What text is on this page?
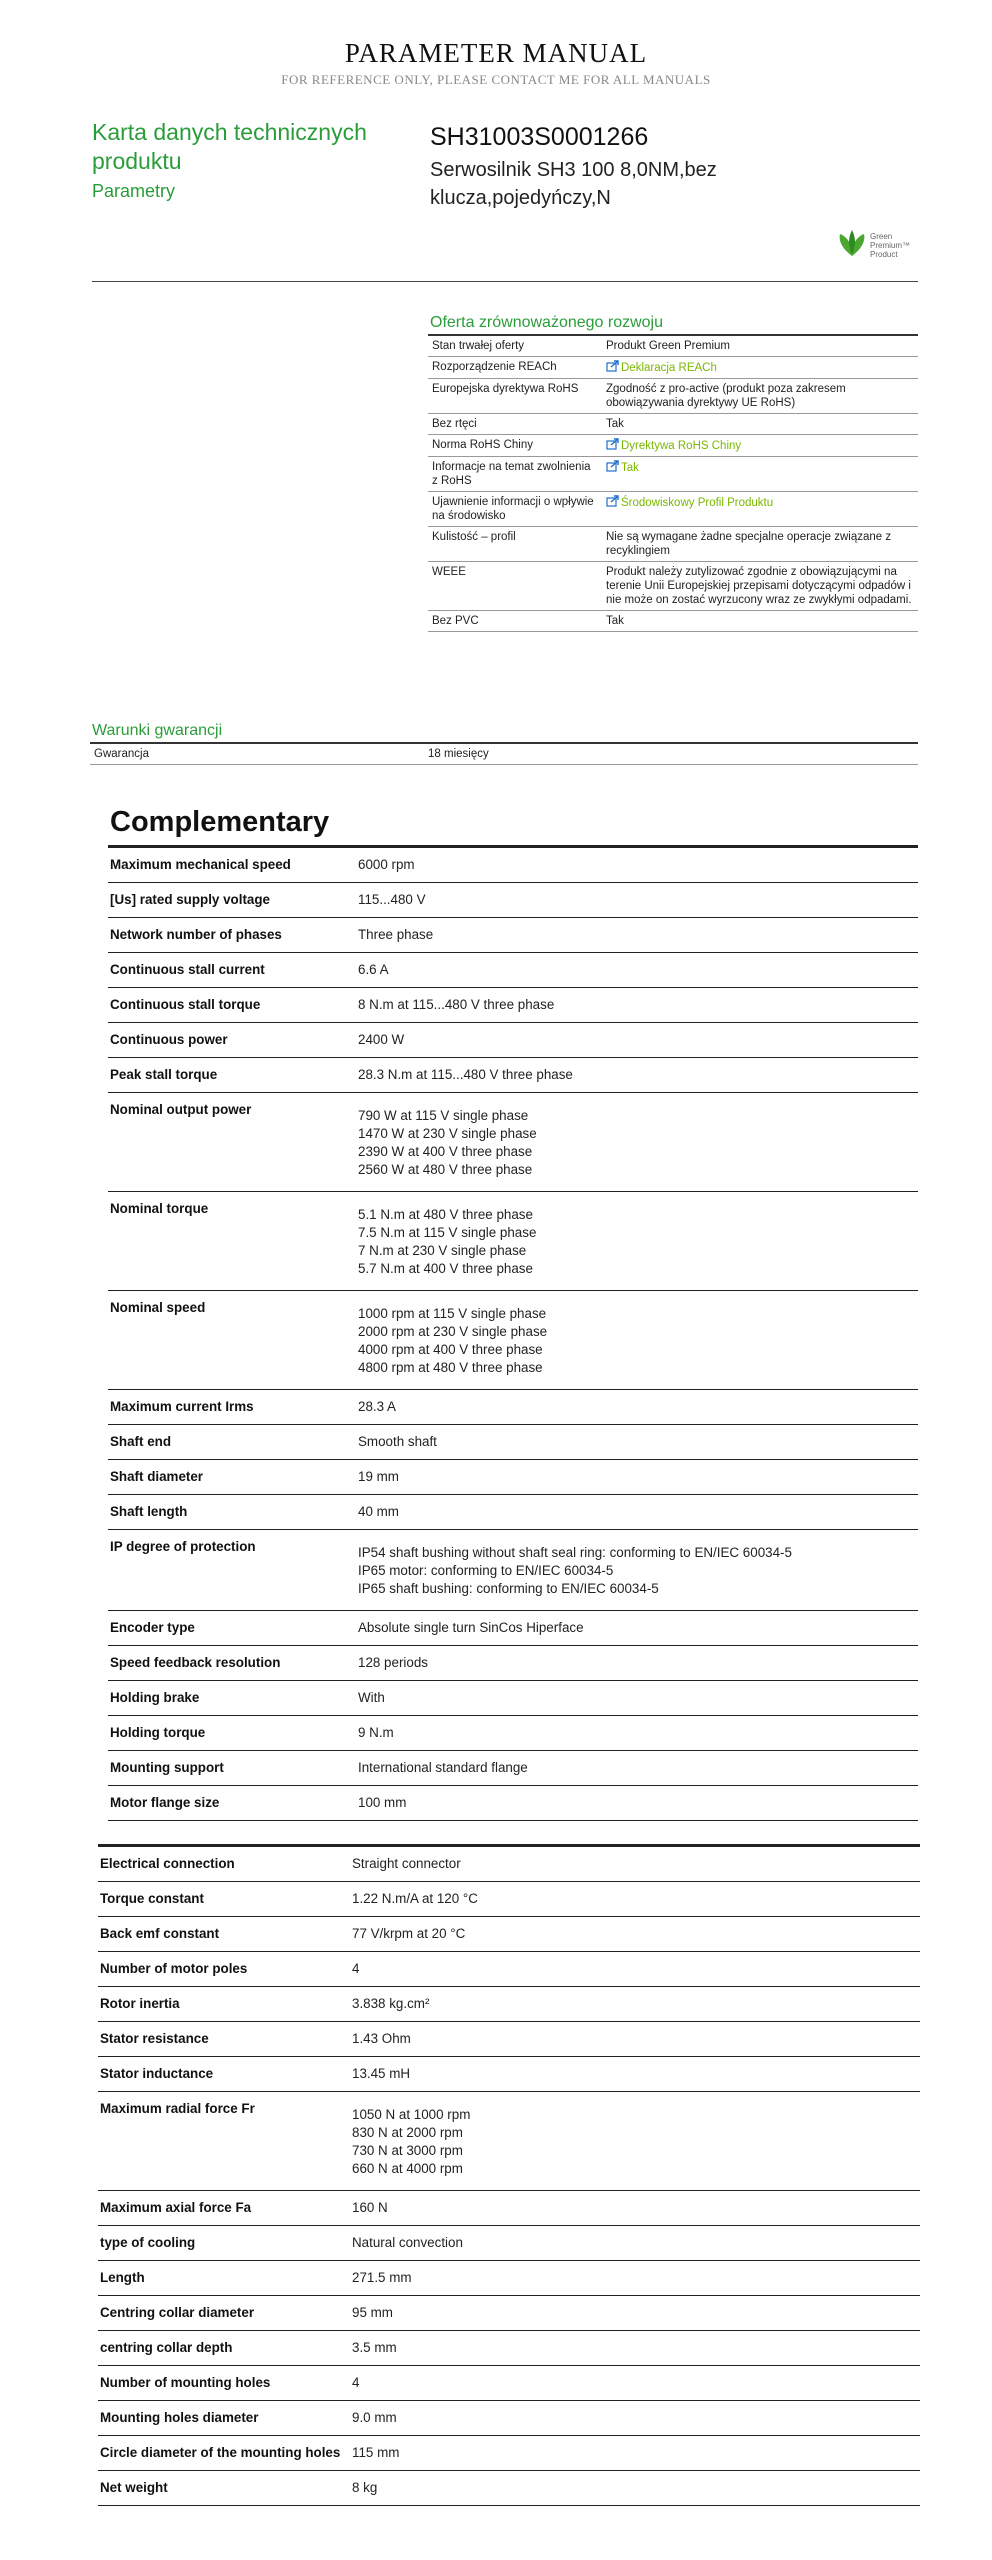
PARAMETER MANUAL
FOR REFERENCE ONLY, PLEASE CONTACT ME FOR ALL MANUALS
Karta danych technicznych produktu
Parametry
SH31003S0001266
Serwosilnik SH3 100 8,0NM,bez klucza,pojedyńczy,N
Green
Premium™
Product
Oferta zrównoważonego rozwoju
Stan trwałej oferty	Produkt Green Premium
Rozporządzenie REACh	Deklaracja REACh
Europejska dyrektywa RoHS	Zgodność z pro-active (produkt poza zakresem obowiązywania dyrektywy UE RoHS)
Bez rtęci	Tak
Norma RoHS Chiny	Dyrektywa RoHS Chiny
Informacje na temat zwolnienia z RoHS	Tak
Ujawnienie informacji o wpływie na środowisko	Środowiskowy Profil Produktu
Kulistość – profil	Nie są wymagane żadne specjalne operacje związane z recyklingiem
WEEE	Produkt należy zutylizować zgodnie z obowiązującymi na terenie Unii Europejskiej przepisami dotyczącymi odpadów i nie może on zostać wyrzucony wraz ze zwykłymi odpadami.
Bez PVC	Tak
Warunki gwarancji
Gwarancja	18 miesięcy
Complementary
Maximum mechanical speed	6000 rpm

[Us] rated supply voltage	115...480 V

Network number of phases	Three phase

Continuous stall current	6.6 A

Continuous stall torque	8 N.m at 115...480 V three phase

Continuous power	2400 W

Peak stall torque	28.3 N.m at 115...480 V three phase

Nominal output power	790 W at 115 V single phase
1470 W at 230 V single phase
2390 W at 400 V three phase
2560 W at 480 V three phase

Nominal torque	5.1 N.m at 480 V three phase
7.5 N.m at 115 V single phase
7 N.m at 230 V single phase
5.7 N.m at 400 V three phase

Nominal speed	1000 rpm at 115 V single phase
2000 rpm at 230 V single phase
4000 rpm at 400 V three phase
4800 rpm at 480 V three phase

Maximum current Irms	28.3 A

Shaft end	Smooth shaft

Shaft diameter	19 mm

Shaft length	40 mm

IP degree of protection	IP54 shaft bushing without shaft seal ring: conforming to EN/IEC 60034-5
IP65 motor: conforming to EN/IEC 60034-5
IP65 shaft bushing: conforming to EN/IEC 60034-5

Encoder type	Absolute single turn SinCos Hiperface

Speed feedback resolution	128 periods

Holding brake	With

Holding torque	9 N.m

Mounting support	International standard flange

Motor flange size	100 mm
Electrical connection	Straight connector

Torque constant	1.22 N.m/A at 120 °C

Back emf constant	77 V/krpm at 20 °C

Number of motor poles	4

Rotor inertia	3.838 kg.cm²

Stator resistance	1.43 Ohm

Stator inductance	13.45 mH

Maximum radial force Fr	1050 N at 1000 rpm
830 N at 2000 rpm
730 N at 3000 rpm
660 N at 4000 rpm

Maximum axial force Fa	160 N

type of cooling	Natural convection

Length	271.5 mm

Centring collar diameter	95 mm

centring collar depth	3.5 mm

Number of mounting holes	4

Mounting holes diameter	9.0 mm

Circle diameter of the mounting holes	115 mm

Net weight	8 kg
